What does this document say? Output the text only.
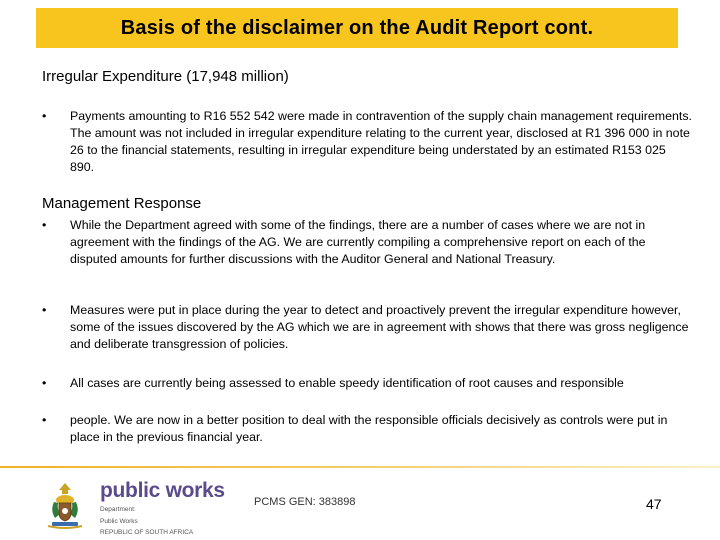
Basis of the disclaimer on the Audit Report cont.
Irregular Expenditure (17,948 million)
•	Payments amounting to R16 552 542 were made in contravention of the supply chain management requirements. The amount was not included in irregular expenditure relating to the current year, disclosed at R1 396 000 in note 26 to the financial statements, resulting in irregular expenditure being understated by an estimated R153 025 890.
Management Response
•	While the Department agreed with some of the findings, there are a number of cases where we are not in agreement with the findings of the AG. We are currently compiling a comprehensive report on each of the disputed amounts for further discussions with the Auditor General and National Treasury.
•	Measures were put in place during the year to detect and proactively prevent the irregular expenditure however, some of the issues discovered by the AG which we are in agreement with shows that there was gross negligence and deliberate transgression of policies.
•	All cases are currently being assessed to enable speedy identification of root causes and responsible
•	people. We are now in a better position to deal with the responsible officials decisively as controls were put in place in the previous financial year.
public works
Department:
Public Works
REPUBLIC OF SOUTH AFRICA
PCMS GEN: 383898	47
